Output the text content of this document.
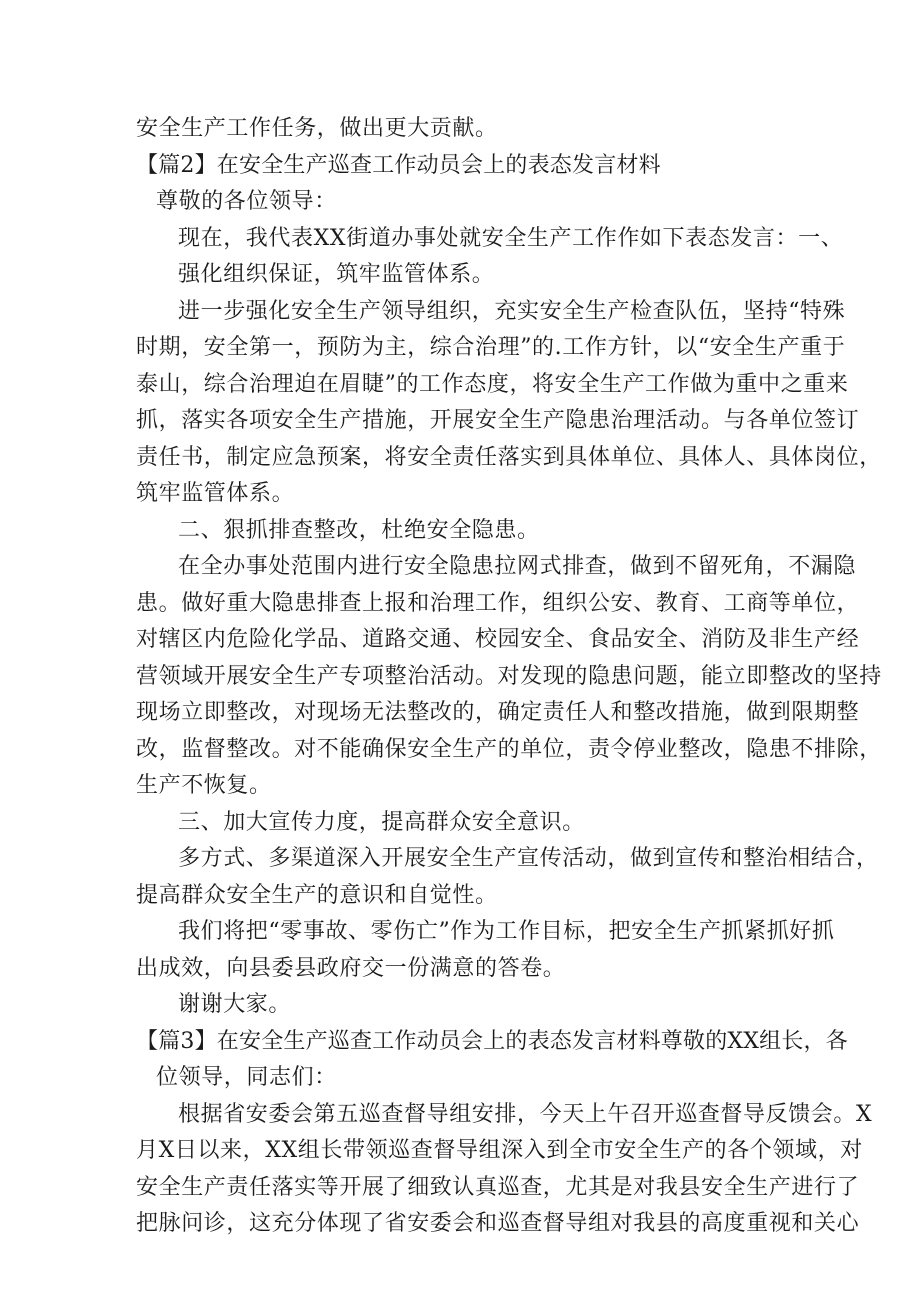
安全生产工作任务，做出更大贡献。
【篇2】在安全生产巡查工作动员会上的表态发言材料
尊敬的各位领导：
现在，我代表XX街道办事处就安全生产工作作如下表态发言：一、
强化组织保证，筑牢监管体系。
进一步强化安全生产领导组织，充实安全生产检查队伍，坚持“特殊
时期，安全第一，预防为主，综合治理”的.工作方针，以“安全生产重于
泰山，综合治理迫在眉睫”的工作态度，将安全生产工作做为重中之重来
抓，落实各项安全生产措施，开展安全生产隐患治理活动。与各单位签订
责任书，制定应急预案，将安全责任落实到具体单位、具体人、具体岗位，
筑牢监管体系。
二、狠抓排查整改，杜绝安全隐患。
在全办事处范围内进行安全隐患拉网式排查，做到不留死角，不漏隐
患。做好重大隐患排查上报和治理工作，组织公安、教育、工商等单位，
对辖区内危险化学品、道路交通、校园安全、食品安全、消防及非生产经
营领域开展安全生产专项整治活动。对发现的隐患问题，能立即整改的坚持
现场立即整改，对现场无法整改的，确定责任人和整改措施，做到限期整
改，监督整改。对不能确保安全生产的单位，责令停业整改，隐患不排除，
生产不恢复。
三、加大宣传力度，提高群众安全意识。
多方式、多渠道深入开展安全生产宣传活动，做到宣传和整治相结合，
提高群众安全生产的意识和自觉性。
我们将把“零事故、零伤亡”作为工作目标，把安全生产抓紧抓好抓
出成效，向县委县政府交一份满意的答卷。
谢谢大家。
【篇3】在安全生产巡查工作动员会上的表态发言材料尊敬的XX组长，各
位领导，同志们：
根据省安委会第五巡查督导组安排，今天上午召开巡查督导反馈会。X
月X日以来，XX组长带领巡查督导组深入到全市安全生产的各个领域，对
安全生产责任落实等开展了细致认真巡查，尤其是对我县安全生产进行了
把脉问诊，这充分体现了省安委会和巡查督导组对我县的高度重视和关心
